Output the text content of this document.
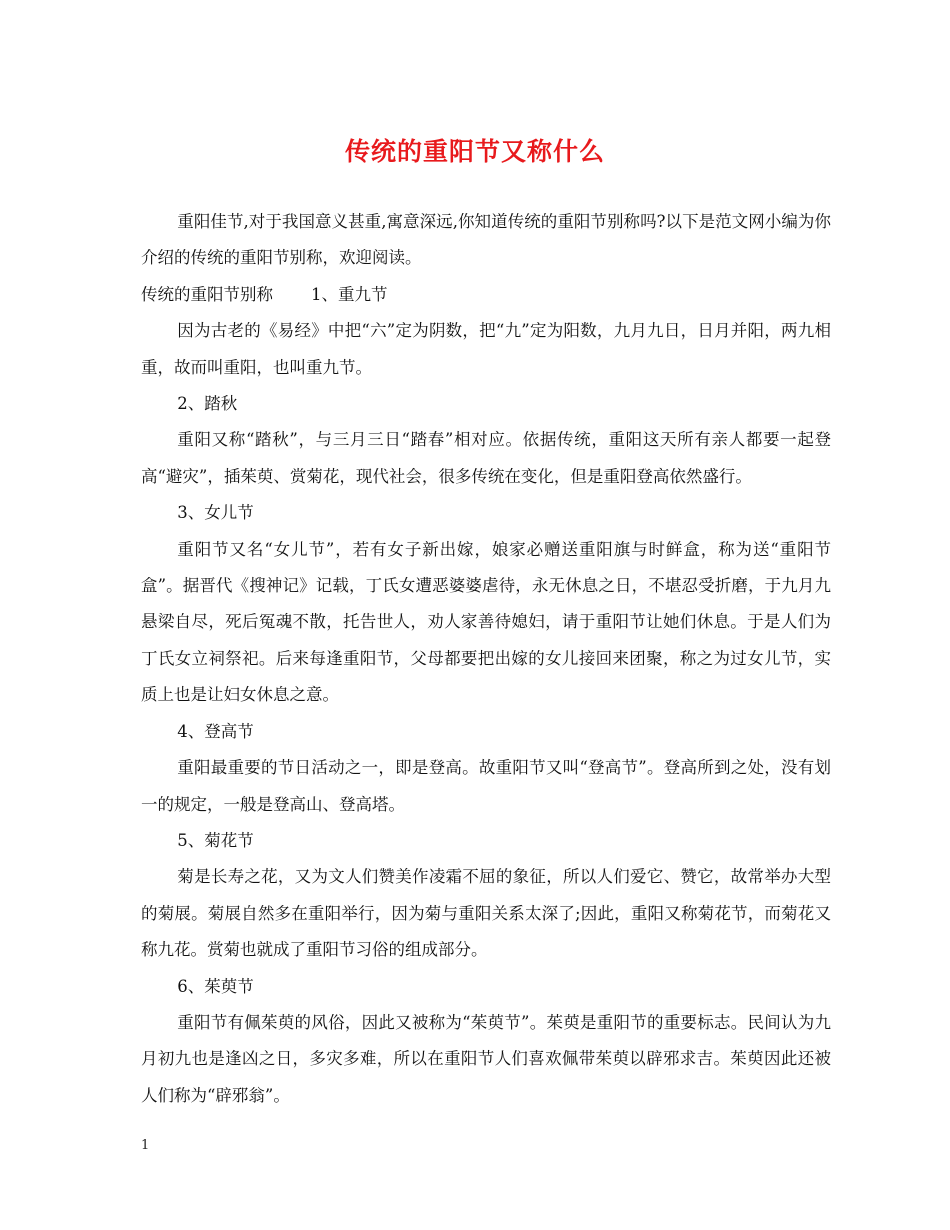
传统的重阳节又称什么

重阳佳节,对于我国意义甚重,寓意深远,你知道传统的重阳节别称吗?以下是范文网小编为你介绍的传统的重阳节别称，欢迎阅读。

传统的重阳节别称 1、重九节

因为古老的《易经》中把“六”定为阴数，把“九”定为阳数，九月九日，日月并阳，两九相重，故而叫重阳，也叫重九节。

2、踏秋

重阳又称“踏秋”，与三月三日“踏春”相对应。依据传统，重阳这天所有亲人都要一起登高“避灾”，插茱萸、赏菊花，现代社会，很多传统在变化，但是重阳登高依然盛行。

3、女儿节

重阳节又名“女儿节”，若有女子新出嫁，娘家必赠送重阳旗与时鲜盒，称为送“重阳节盒”。据晋代《搜神记》记载，丁氏女遭恶婆婆虐待，永无休息之日，不堪忍受折磨，于九月九悬梁自尽，死后冤魂不散，托告世人，劝人家善待媳妇，请于重阳节让她们休息。于是人们为丁氏女立祠祭祀。后来每逢重阳节，父母都要把出嫁的女儿接回来团聚，称之为过女儿节，实质上也是让妇女休息之意。

4、登高节

重阳最重要的节日活动之一，即是登高。故重阳节又叫“登高节”。登高所到之处，没有划一的规定，一般是登高山、登高塔。

5、菊花节

菊是长寿之花，又为文人们赞美作凌霜不屈的象征，所以人们爱它、赞它，故常举办大型的菊展。菊展自然多在重阳举行，因为菊与重阳关系太深了;因此，重阳又称菊花节，而菊花又称九花。赏菊也就成了重阳节习俗的组成部分。

6、茱萸节

重阳节有佩茱萸的风俗，因此又被称为“茱萸节”。茱萸是重阳节的重要标志。民间认为九月初九也是逢凶之日，多灾多难，所以在重阳节人们喜欢佩带茱萸以辟邪求吉。茱萸因此还被人们称为“辟邪翁”。

1
